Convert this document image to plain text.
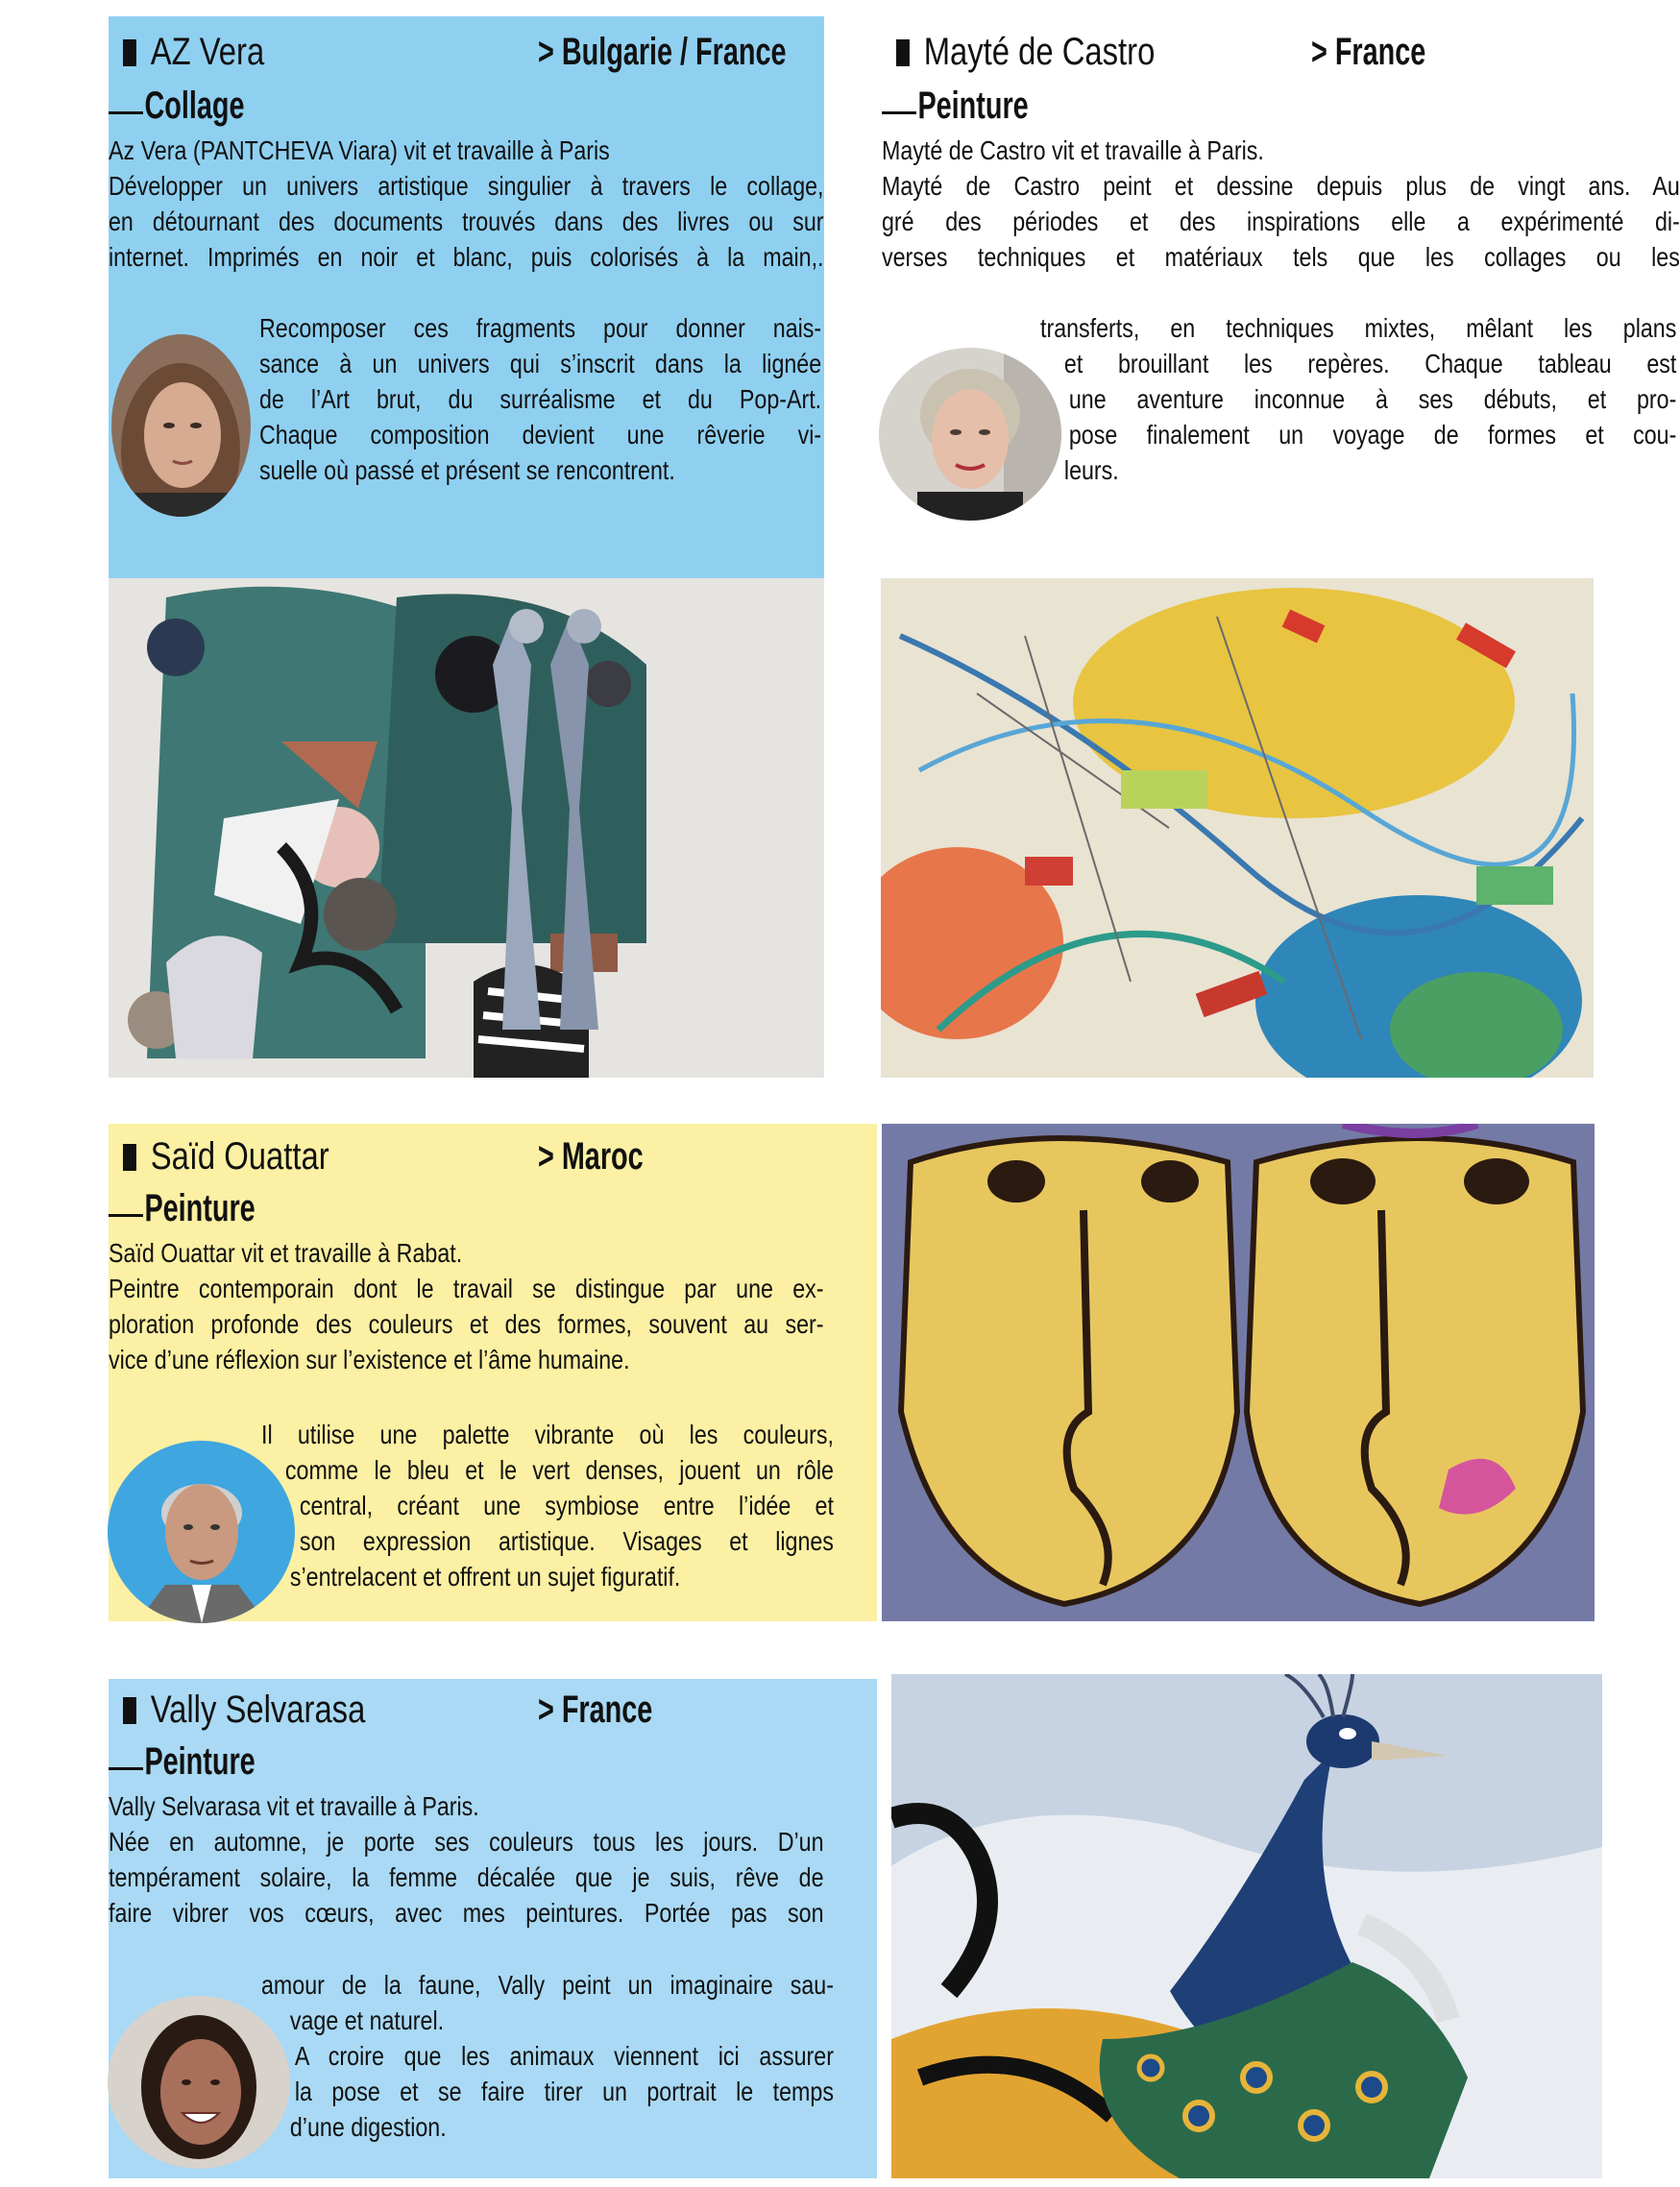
AZ Vera	> Bulgarie / France
Collage
Az Vera (PANTCHEVA Viara) vit et travaille à Paris
Développer un univers artistique singulier à travers le collage,
en détournant des documents trouvés dans des livres ou sur
internet. Imprimés en noir et blanc, puis colorisés à la main,.
Recomposer ces fragments pour donner nais-
sance à un univers qui s’inscrit dans la lignée
de l’Art brut, du surréalisme et du Pop-Art.
Chaque composition devient une rêverie vi-
suelle où passé et présent se rencontrent.
Mayté de Castro	> France
Peinture
Mayté de Castro vit et travaille à Paris.
Mayté de Castro peint et dessine depuis plus de vingt ans. Au
gré des périodes et des inspirations elle a expérimenté di-
verses techniques et matériaux tels que les collages ou les
transferts, en techniques mixtes, mêlant les plans
et brouillant les repères. Chaque tableau est
une aventure inconnue à ses débuts, et pro-
pose finalement un voyage de formes et cou-
leurs.
Saïd Ouattar	> Maroc
Peinture
Saïd Ouattar vit et travaille à Rabat.
Peintre contemporain dont le travail se distingue par une ex-
ploration profonde des couleurs et des formes, souvent au ser-
vice d’une réflexion sur l’existence et l’âme humaine.
Il utilise une palette vibrante où les couleurs,
comme le bleu et le vert denses, jouent un rôle
central, créant une symbiose entre l’idée et
son expression artistique. Visages et lignes
s’entrelacent et offrent un sujet figuratif.
Vally Selvarasa	> France
Peinture
Vally Selvarasa vit et travaille à Paris.
Née en automne, je porte ses couleurs tous les jours. D’un
tempérament solaire, la femme décalée que je suis, rêve de
faire vibrer vos cœurs, avec mes peintures. Portée pas son
amour de la faune, Vally peint un imaginaire sau-
vage et naturel.
A croire que les animaux viennent ici assurer
la pose et se faire tirer un portrait le temps
d’une digestion.
